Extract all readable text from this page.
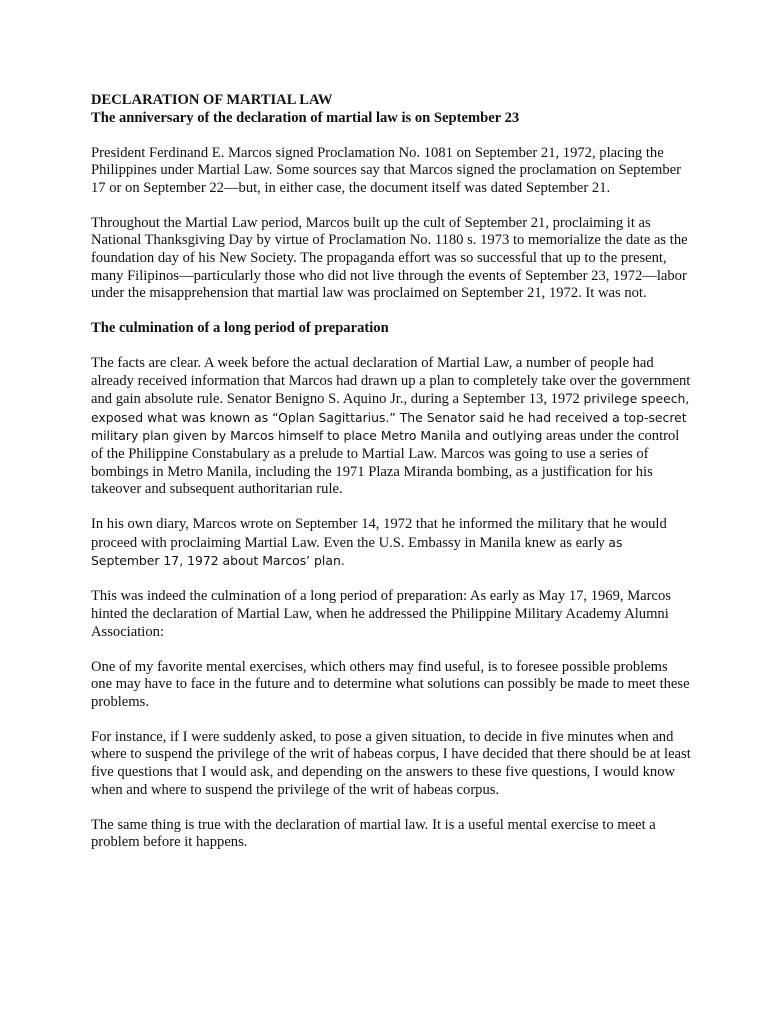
DECLARATION OF MARTIAL LAW
The anniversary of the declaration of martial law is on September 23

President Ferdinand E. Marcos signed Proclamation No. 1081 on September 21, 1972, placing the Philippines under Martial Law. Some sources say that Marcos signed the proclamation on September 17 or on September 22—but, in either case, the document itself was dated September 21.

Throughout the Martial Law period, Marcos built up the cult of September 21, proclaiming it as National Thanksgiving Day by virtue of Proclamation No. 1180 s. 1973 to memorialize the date as the foundation day of his New Society. The propaganda effort was so successful that up to the present, many Filipinos—particularly those who did not live through the events of September 23, 1972—labor under the misapprehension that martial law was proclaimed on September 21, 1972. It was not.

The culmination of a long period of preparation

The facts are clear. A week before the actual declaration of Martial Law, a number of people had already received information that Marcos had drawn up a plan to completely take over the government and gain absolute rule. Senator Benigno S. Aquino Jr., during a September 13, 1972 privilege speech, exposed what was known as “Oplan Sagittarius.” The Senator said he had received a top-secret military plan given by Marcos himself to place Metro Manila and outlying areas under the control of the Philippine Constabulary as a prelude to Martial Law. Marcos was going to use a series of bombings in Metro Manila, including the 1971 Plaza Miranda bombing, as a justification for his takeover and subsequent authoritarian rule.

In his own diary, Marcos wrote on September 14, 1972 that he informed the military that he would proceed with proclaiming Martial Law. Even the U.S. Embassy in Manila knew as early as September 17, 1972 about Marcos’ plan.

This was indeed the culmination of a long period of preparation: As early as May 17, 1969, Marcos hinted the declaration of Martial Law, when he addressed the Philippine Military Academy Alumni Association:

One of my favorite mental exercises, which others may find useful, is to foresee possible problems one may have to face in the future and to determine what solutions can possibly be made to meet these problems.

For instance, if I were suddenly asked, to pose a given situation, to decide in five minutes when and where to suspend the privilege of the writ of habeas corpus, I have decided that there should be at least five questions that I would ask, and depending on the answers to these five questions, I would know when and where to suspend the privilege of the writ of habeas corpus.

The same thing is true with the declaration of martial law. It is a useful mental exercise to meet a problem before it happens.
